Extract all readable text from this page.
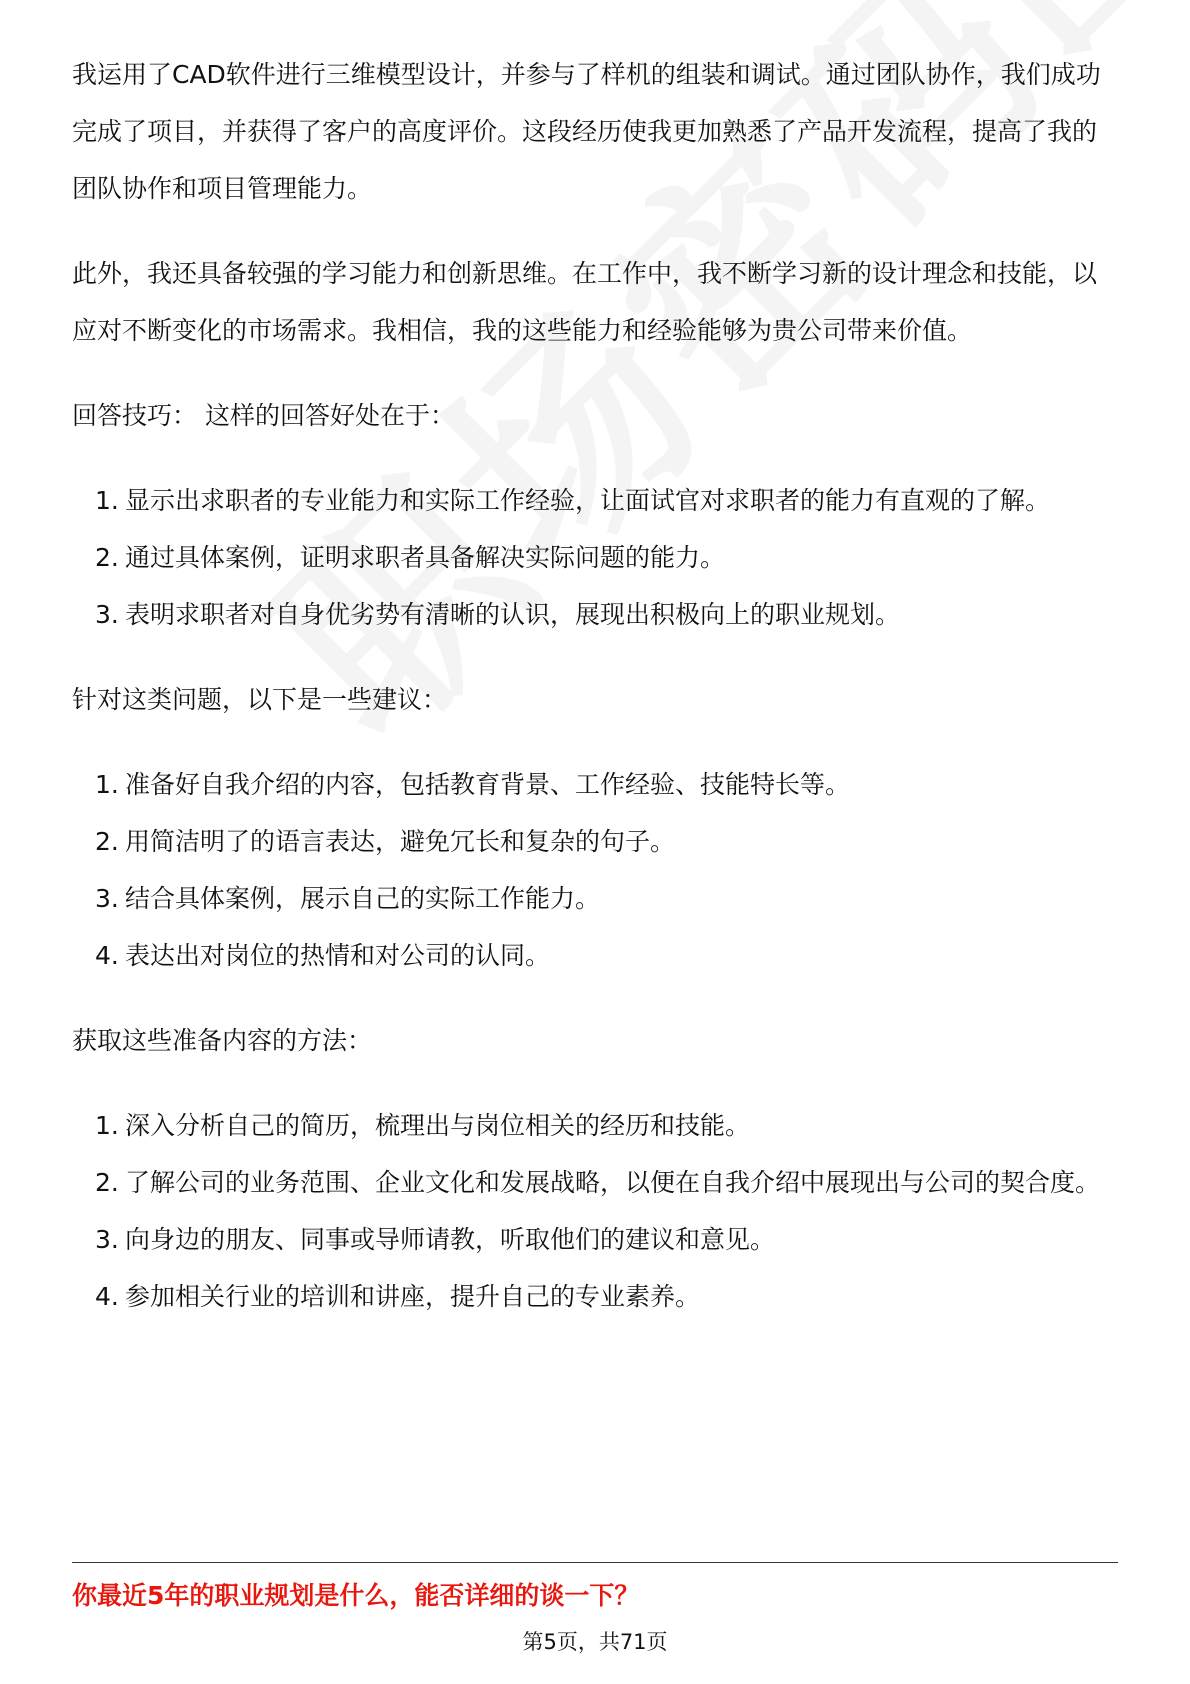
我运用了CAD软件进行三维模型设计，并参与了样机的组装和调试。通过团队协作，我们成功完成了项目，并获得了客户的高度评价。这段经历使我更加熟悉了产品开发流程，提高了我的团队协作和项目管理能力。

此外，我还具备较强的学习能力和创新思维。在工作中，我不断学习新的设计理念和技能，以应对不断变化的市场需求。我相信，我的这些能力和经验能够为贵公司带来价值。

回答技巧： 这样的回答好处在于：

1. 显示出求职者的专业能力和实际工作经验，让面试官对求职者的能力有直观的了解。
2. 通过具体案例，证明求职者具备解决实际问题的能力。
3. 表明求职者对自身优劣势有清晰的认识，展现出积极向上的职业规划。

针对这类问题，以下是一些建议：

1. 准备好自我介绍的内容，包括教育背景、工作经验、技能特长等。
2. 用简洁明了的语言表达，避免冗长和复杂的句子。
3. 结合具体案例，展示自己的实际工作能力。
4. 表达出对岗位的热情和对公司的认同。

获取这些准备内容的方法：

1. 深入分析自己的简历，梳理出与岗位相关的经历和技能。
2. 了解公司的业务范围、企业文化和发展战略，以便在自我介绍中展现出与公司的契合度。
3. 向身边的朋友、同事或导师请教，听取他们的建议和意见。
4. 参加相关行业的培训和讲座，提升自己的专业素养。
你最近5年的职业规划是什么，能否详细的谈一下？
第5页，共71页
